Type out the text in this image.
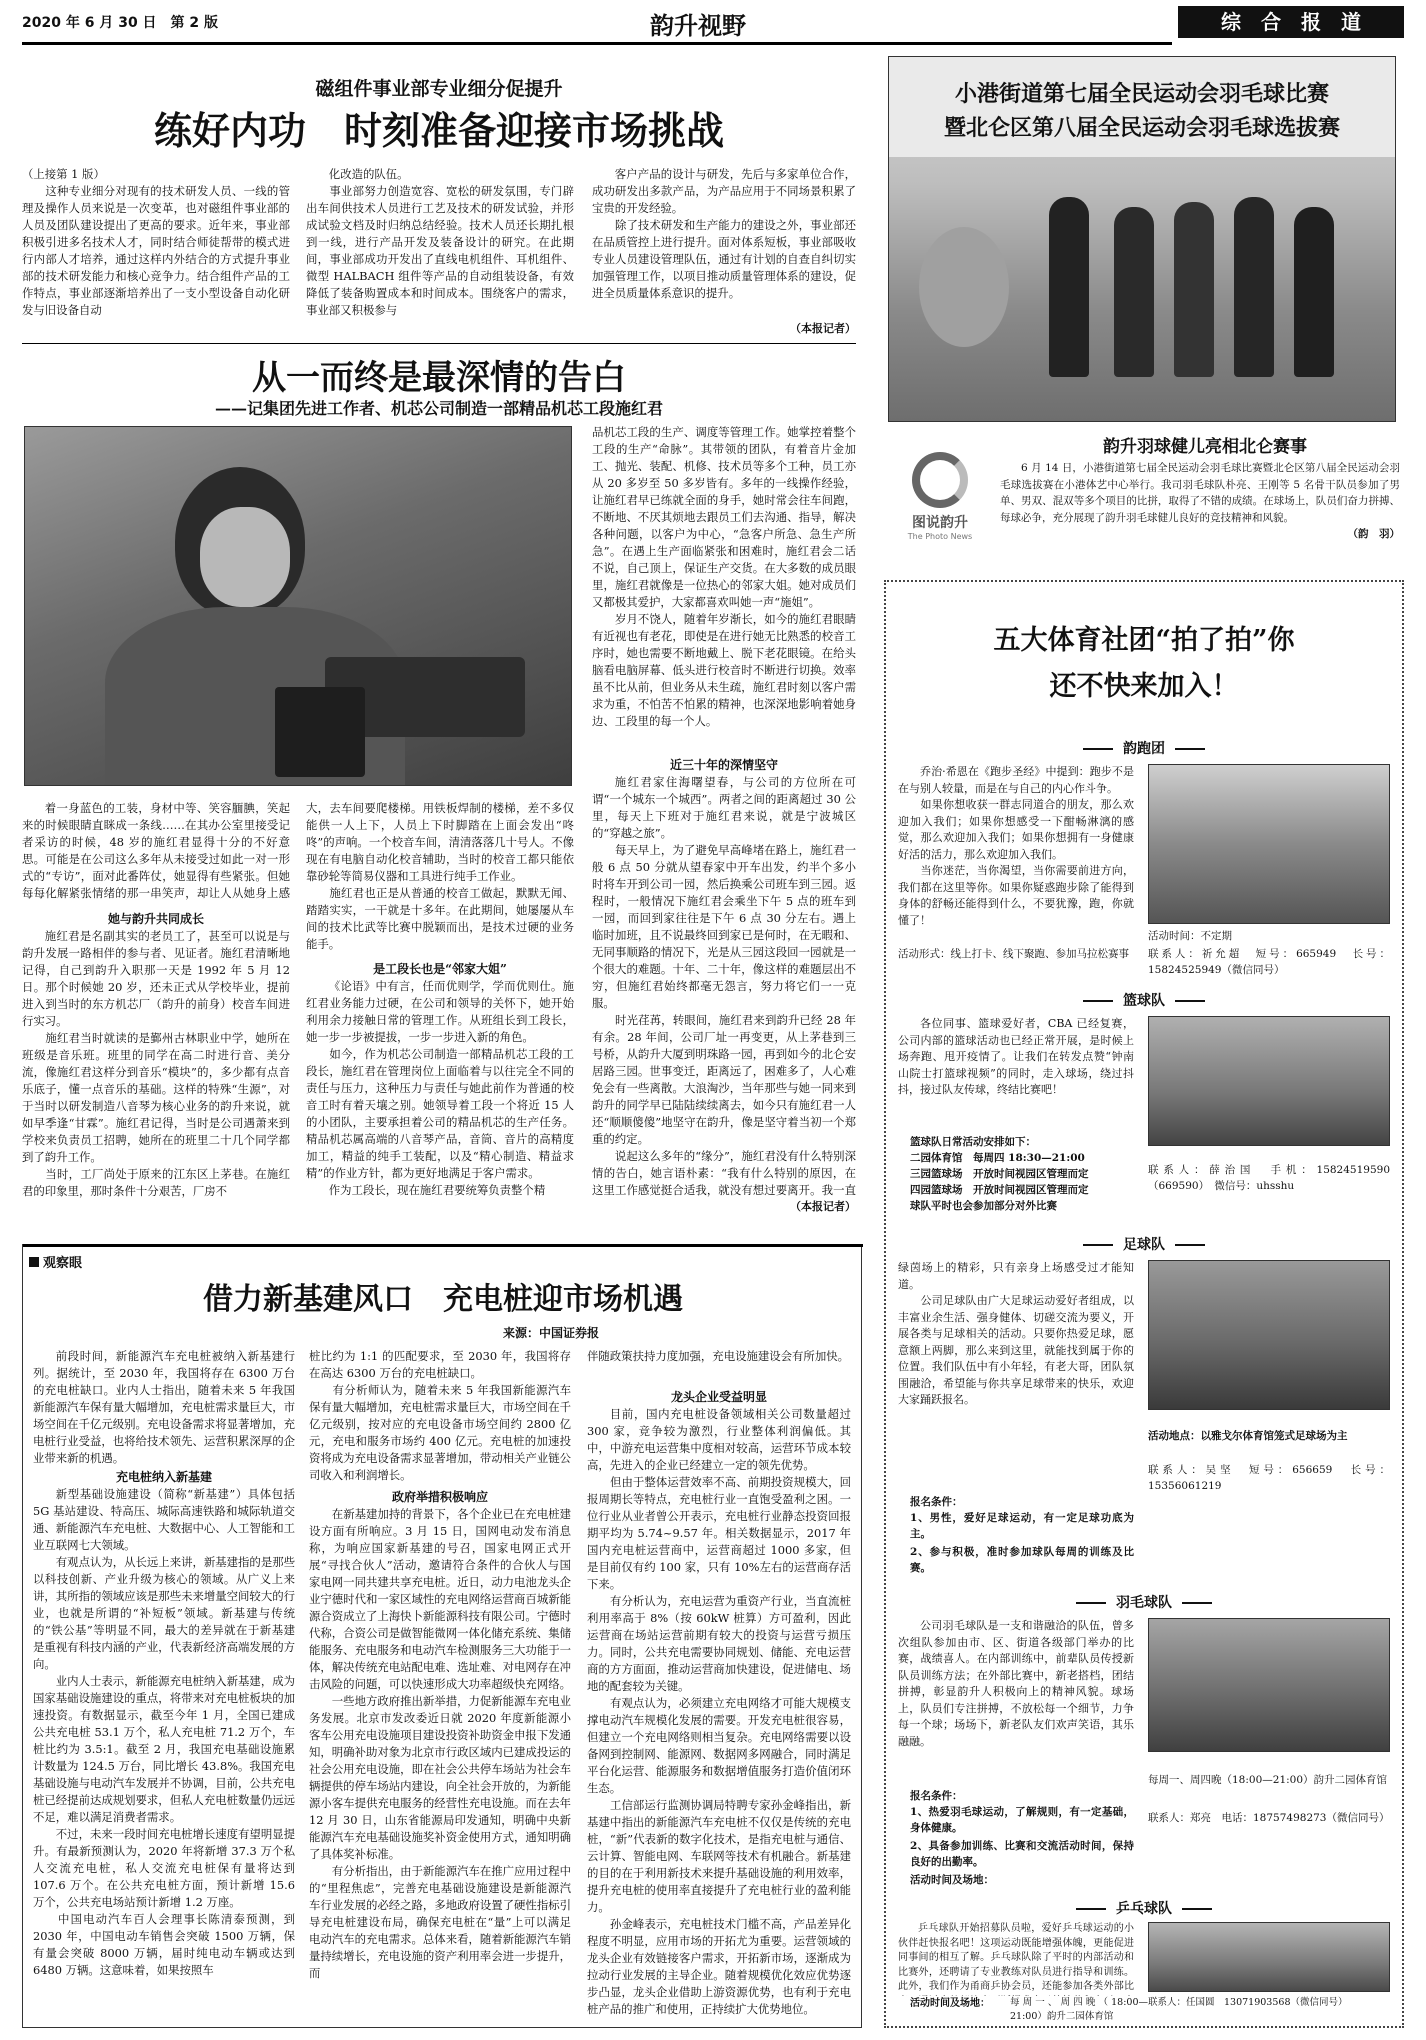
2020 年 6 月 30 日　第 2 版	韵升视野	综　合　报　道
磁组件事业部专业细分促提升
练好内功　时刻准备迎接市场挑战
（上接第 1 版）
　　这种专业细分对现有的技术研发人员、一线的管理及操作人员来说是一次变革，也对磁组件事业部的人员及团队建设提出了更高的要求。近年来，事业部积极引进多名技术人才，同时结合师徒帮带的模式进行内部人才培养，通过这样内外结合的方式提升事业部的技术研发能力和核心竞争力。结合组件产品的工作特点，事业部逐渐培养出了一支小型设备自动化研发与旧设备自动
化改造的队伍。
　　事业部努力创造宽容、宽松的研发氛围，专门辟出车间供技术人员进行工艺及技术的研发试验，并形成试验文档及时归纳总结经验。技术人员还长期扎根到一线，进行产品开发及装备设计的研究。在此期间，事业部成功开发出了直线电机组件、耳机组件、微型 HALBACH 组件等产品的自动组装设备，有效降低了装备购置成本和时间成本。围绕客户的需求，事业部又积极参与
客户产品的设计与研发，先后与多家单位合作，成功研发出多款产品，为产品应用于不同场景积累了宝贵的开发经验。
　　除了技术研发和生产能力的建设之外，事业部还在品质管控上进行提升。面对体系短板，事业部吸收专业人员建设管理队伍，通过有计划的自查自纠切实加强管理工作，以项目推动质量管理体系的建设，促进全员质量体系意识的提升。
（本报记者）
从一而终是最深情的告白
——记集团先进工作者、机芯公司制造一部精品机芯工段施红君
品机芯工段的生产、调度等管理工作。她掌控着整个工段的生产“命脉”。其带领的团队，有着音片金加工、抛光、装配、机修、技术员等多个工种，员工亦从 20 多岁至 50 多岁皆有。多年的一线操作经验，让施红君早已练就全面的身手，她时常会往车间跑，不断地、不厌其烦地去跟员工们去沟通、指导，解决各种问题，以客户为中心，“急客户所急、急生产所急”。在遇上生产面临紧张和困难时，施红君会二话不说，自己顶上，保证生产交货。在大多数的成员眼里，施红君就像是一位热心的邻家大姐。她对成员们又都极其爱护，大家都喜欢叫她一声“施姐”。
　　岁月不饶人，随着年岁渐长，如今的施红君眼睛有近视也有老花，即使是在进行她无比熟悉的校音工序时，她也需要不断地戴上、脱下老花眼镜。在给头脑看电脑屏幕、低头进行校音时不断进行切换。效率虽不比从前，但业务从未生疏，施红君时刻以客户需求为重，不怕苦不怕累的精神，也深深地影响着她身边、工段里的每一个人。
近三十年的深情坚守
施红君家住海曙望春，与公司的方位所在可谓“一个城东一个城西”。两者之间的距离超过 30 公里，每天上下班对于施红君来说，就是宁波城区的“穿越之旅”。
　　每天早上，为了避免早高峰堵在路上，施红君一般 6 点 50 分就从望春家中开车出发，约半个多小时将车开到公司一园，然后换乘公司班车到三园。返程时，一般情况下施红君会乘坐下午 5 点的班车到一园，而回到家往往是下午 6 点 30 分左右。遇上临时加班，且不说最终回到家已是何时，在无暇和、无同事顺路的情况下，光是从三园这段回一园就是一个很大的难题。十年、二十年，像这样的难题层出不穷，但施红君始终都毫无怨言，努力将它们一一克服。
　　时光荏苒，转眼间，施红君来到韵升已经 28 年有余。28 年间，公司厂址一再变更，从上茅巷到三号桥，从韵升大厦到明珠路一园，再到如今的北仑安居路三园。世事变迁，距离远了，困难多了，人心难免会有一些离散。大浪淘沙，当年那些与她一同来到韵升的同学早已陆陆续续离去，如今只有施红君一人还“顺顺傻傻”地坚守在韵升，像是坚守着当初一个郑重的约定。
　　说起这么多年的“缘分”，施红君没有什么特别深情的告白，她言语朴素：“我有什么特别的原因，在这里工作感觉挺合适我，就没有想过要离开。我一直
（本报记者）
着一身蓝色的工装，身材中等、笑容腼腆，笑起来的时候眼睛直眯成一条线……在其办公室里接受记者采访的时候，48 岁的施红君显得十分的不好意思。可能是在公司这么多年从未接受过如此一对一形式的“专访”，面对此番阵仗，她显得有些紧张。但她每每化解紧张情绪的那一串笑声，却让人从她身上感
她与韵升共同成长
施红君是名副其实的老员工了，甚至可以说是与韵升发展一路相伴的参与者、见证者。施红君清晰地记得，自己到韵升入职那一天是 1992 年 5 月 12 日。那个时候她 20 岁，还未正式从学校毕业，提前进入到当时的东方机芯厂（韵升的前身）校音车间进行实习。
　　施红君当时就读的是鄞州古林职业中学，她所在班级是音乐班。班里的同学在高二时进行音、美分流，像施红君这样分到音乐“模块”的，多少都有点音乐底子，懂一点音乐的基础。这样的特殊“生源”，对于当时以研发制造八音琴为核心业务的韵升来说，就如早季逢“甘霖”。施红君记得，当时是公司遇萧来到学校来负责员工招聘，她所在的班里二十几个同学都到了韵升工作。
　　当时，工厂尚处于原来的江东区上茅巷。在施红君的印象里，那时条件十分艰苦，厂房不
大，去车间要爬楼梯。用铁板焊制的楼梯，差不多仅能供一人上下，人员上下时脚踏在上面会发出“咚咚”的声响。一个校音车间，清清落落几十号人。不像现在有电脑自动化校音辅助，当时的校音工都只能依靠砂轮等简易仪器和工具进行纯手工作业。
　　施红君也正是从普通的校音工做起，默默无闻、踏踏实实，一干就是十多年。在此期间，她屡屡从车间的技术比武等比赛中脱颖而出，是技术过硬的业务能手。
是工段长也是“邻家大姐”
《论语》中有言，任而优则学，学而优则仕。施红君业务能力过硬，在公司和领导的关怀下，她开始利用余力接触日常的管理工作。从班组长到工段长，她一步一步被提拔，一步一步进入新的角色。
　　如今，作为机芯公司制造一部精品机芯工段的工段长，施红君在管理岗位上面临着与以往完全不同的责任与压力，这种压力与责任与她此前作为普通的校音工时有着天壤之别。她领导着工段一个将近 15 人的小团队，主要承担着公司的精品机芯的生产任务。精品机芯属高端的八音琴产品，音筒、音片的高精度加工，精益的纯手工装配，以及“精心制造、精益求精”的作业方针，都为更好地满足于客户需求。
　　作为工段长，现在施红君要统筹负责整个精
小港街道第七届全民运动会羽毛球比赛
暨北仑区第八届全民运动会羽毛球选拔赛
韵升羽球健儿亮相北仑赛事
图说韵升
The Photo News
6 月 14 日，小港街道第七届全民运动会羽毛球比赛暨北仑区第八届全民运动会羽毛球选拔赛在小港体艺中心举行。我司羽毛球队朴亮、王刚等 5 名骨干队员参加了男单、男双、混双等多个项目的比拼，取得了不错的成绩。在球场上，队员们奋力拼搏、每球必争，充分展现了韵升羽毛球健儿良好的竞技精神和风貌。
（韵　羽）
五大体育社团“拍了拍”你
还不快来加入！
韵跑团
乔治·希恩在《跑步圣经》中提到：跑步不是在与别人较量，而是在与自己的内心作斗争。
　　如果你想收获一群志同道合的朋友，那么欢迎加入我们；如果你想感受一下酣畅淋漓的感觉，那么欢迎加入我们；如果你想拥有一身健康好活的活力，那么欢迎加入我们。
　　当你迷茫，当你渴望，当你需要前进方向，我们都在这里等你。如果你疑惑跑步除了能得到身体的舒畅还能得到什么，不要犹豫，跑，你就懂了！
活动形式：线上打卡、线下聚跑、参加马拉松赛事
活动时间：不定期
联系人：祈允超　短号：665949　长号：15824525949（微信同号）
篮球队
各位同事、篮球爱好者，CBA 已经复赛，公司内部的篮球活动也已经正常开展，是时候上场奔跑、甩开疫情了。让我们在转发点赞“钟南山院士打篮球视频”的同时，走入球场，绕过抖抖，接过队友传球，终结比赛吧！
篮球队日常活动安排如下：
二园体育馆　每周四 18:30—21:00
三园篮球场　开放时间视园区管理而定
四园篮球场　开放时间视园区管理而定
球队平时也会参加部分对外比赛
联系人：薛治国　手机：15824519590（669590）　微信号：uhsshu
足球队
绿茵场上的精彩，只有亲身上场感受过才能知道。
　　公司足球队由广大足球运动爱好者组成，以丰富业余生活、强身健体、切磋交流为要义，开展各类与足球相关的活动。只要你热爱足球，愿意额上两脚，那么来到这里，就能找到属于你的位置。我们队伍中有小年轻，有老大哥，团队氛围融洽，希望能与你共享足球带来的快乐，欢迎大家踊跃报名。
报名条件：
1、男性，爱好足球运动，有一定足球功底为主。
2、参与积极，准时参加球队每周的训练及比赛。
活动地点：以雅戈尔体育馆笼式足球场为主
联系人：吴坚　短号：656659　长号：15356061219
羽毛球队
公司羽毛球队是一支和谐融洽的队伍，曾多次组队参加由市、区、街道各级部门举办的比赛，战绩喜人。在内部训练中，前辈队员传授新队员训练方法；在外部比赛中，新老搭档，团结拼搏，彰显韵升人积极向上的精神风貌。球场上，队员们专注拼搏，不放松每一个细节，力争每一个球；场场下，新老队友们欢声笑语，其乐融融。
报名条件：
1、热爱羽毛球运动，了解规则，有一定基础，身体健康。
2、具备参加训练、比赛和交流活动时间，保持良好的出勤率。
活动时间及场地：
每周一、周四晚（18:00—21:00）韵升二园体育馆
联系人：郑亮　电话：18757498273（微信同号）
乒乓球队
乒乓球队开始招募队员啦，爱好乒乓球运动的小伙伴赶快报名吧！这项运动既能增强体魄，更能促进同事间的相互了解。乒乓球队除了平时的内部活动和比赛外，还聘请了专业教练对队员进行指导和训练。此外，我们作为甬商乒协会员，还能参加各类外部比
活动时间及场地：	每周一、周四晚（18:00—21:00）韵升二园体育馆
联系人：任国圆　13071903568（微信同号）
观察眼
借力新基建风口　充电桩迎市场机遇
来源：中国证券报
前段时间，新能源汽车充电桩被纳入新基建行列。据统计，至 2030 年，我国将存在 6300 万台的充电桩缺口。业内人士指出，随着未来 5 年我国新能源汽车保有量大幅增加，充电桩需求量巨大，市场空间在千亿元级别。充电设备需求将显著增加，充电桩行业受益，也将给技术领先、运营积累深厚的企业带来新的机遇。
充电桩纳入新基建
新型基础设施建设（简称“新基建”）具体包括 5G 基站建设、特高压、城际高速铁路和城际轨道交通、新能源汽车充电桩、大数据中心、人工智能和工业互联网七大领域。
　　有观点认为，从长远上来讲，新基建指的是那些以科技创新、产业升级为核心的领域。从广义上来讲，其所指的领域应该是那些未来增量空间较大的行业，也就是所谓的“补短板”领域。新基建与传统的“铁公基”等明显不同，最大的差异就在于新基建是重视有科技内涵的产业，代表新经济高端发展的方向。
　　业内人士表示，新能源充电桩纳入新基建，成为国家基础设施建设的重点，将带来对充电桩板块的加速投资。有数据显示，截至今年 1 月，全国已建成公共充电桩 53.1 万个，私人充电桩 71.2 万个，车桩比约为 3.5:1。截至 2 月，我国充电基础设施累计数量为 124.5 万台，同比增长 43.8%。我国充电基础设施与电动汽车发展并不协调，目前，公共充电桩已经提前达成规划要求，但私人充电桩数量仍远远不足，难以满足消费者需求。
　　不过，未来一段时间充电桩增长速度有望明显提升。有最新预测认为，2020 年将新增 37.3 万个私人交流充电桩，私人交流充电桩保有量将达到 107.6 万个。在公共充电桩方面，预计新增 15.6 万个，公共充电场站预计新增 1.2 万座。
　　中国电动汽车百人会理事长陈清泰预测，到 2030 年，中国电动车销售会突破 1500 万辆，保有量会突破 8000 万辆，届时纯电动车辆或达到 6480 万辆。这意味着，如果按照车
桩比约为 1:1 的匹配要求，至 2030 年，我国将存在高达 6300 万台的充电桩缺口。
　　有分析师认为，随着未来 5 年我国新能源汽车保有量大幅增加，充电桩需求量巨大，市场空间在千亿元级别，按对应的充电设备市场空间约 2800 亿元，充电和服务市场约 400 亿元。充电桩的加速投资将成为充电设备需求显著增加，带动相关产业链公司收入和利润增长。
政府举措积极响应
在新基建加持的背景下，各个企业已在充电桩建设方面有所响应。3 月 15 日，国网电动发布消息称，为响应国家新基建的号召，国家电网正式开展“寻找合伙人”活动，邀请符合条件的合伙人与国家电网一同共建共享充电桩。近日，动力电池龙头企业宁德时代和一家区域性的充电网络运营商百城新能源合资成立了上海快卜新能源科技有限公司。宁德时代称，合资公司是做智能微网一体化储充系统、集储能服务、充电服务和电动汽车检测服务三大功能于一体，解决传统充电站配电难、选址难、对电网存在冲击风险的问题，可以快速形成大功率超级快充网络。
　　一些地方政府推出新举措，力促新能源车充电业务发展。北京市发改委近日就 2020 年度新能源小客车公用充电设施项目建设投资补助资金申报下发通知，明确补助对象为北京市行政区域内已建成投运的社会公用充电设施，即在社会公共停车场站为社会车辆提供的停车场站内建设，向全社会开放的，为新能源小客车提供充电服务的经营性充电设施。而在去年 12 月 30 日，山东省能源局印发通知，明确中央新能源汽车充电基础设施奖补资金使用方式，通知明确了具体奖补标准。
　　有分析指出，由于新能源汽车在推广应用过程中的“里程焦虑”，完善充电基础设施建设是新能源汽车行业发展的必经之路，多地政府设置了硬性指标引导充电桩建设布局，确保充电桩在“量”上可以满足电动汽车的充电需求。总体来看，随着新能源汽车销量持续增长，充电设施的资产利用率会进一步提升，而
伴随政策扶持力度加强，充电设施建设会有所加快。
龙头企业受益明显
目前，国内充电桩设备领域相关公司数量超过 300 家，竞争较为激烈，行业整体利润偏低。其中，中游充电运营集中度相对较高，运营环节成本较高，先进入的企业已经建立一定的领先优势。
　　但由于整体运营效率不高、前期投资规模大，回报周期长等特点，充电桩行业一直饱受盈利之困。一位行业从业者曾公开表示，充电桩行业静态投资回报期平均为 5.74~9.57 年。相关数据显示，2017 年国内充电桩运营商中，运营商超过 1000 多家，但是目前仅有约 100 家，只有 10%左右的运营商存活下来。
　　有分析认为，充电运营为重资产行业，当直流桩利用率高于 8%（按 60kW 桩算）方可盈利，因此运营商在场站运营前期有较大的投资与运营亏损压力。同时，公共充电需要协同规划、储能、充电运营商的方方面面，推动运营商加快建设，促进储电、场地的配套较为关键。
　　有观点认为，必须建立充电网络才可能大规模支撑电动汽车规模化发展的需要。开发充电桩很容易，但建立一个充电网络则相当复杂。充电网络需要以设备网到控制网、能源网、数据网多网融合，同时满足平台化运营、能源服务和数据增值服务打造价值闭环生态。
　　工信部运行监测协调局特聘专家孙金峰指出，新基建中指出的新能源汽车充电桩不仅仅是传统的充电桩，“新”代表新的数字化技术，是指充电桩与通信、云计算、智能电网、车联网等技术有机融合。新基建的目的在于利用新技术来提升基础设施的利用效率，提升充电桩的使用率直接提升了充电桩行业的盈利能力。
　　孙金峰表示，充电桩技术门槛不高，产品差异化程度不明显，应用市场的开拓尤为重要。运营领域的龙头企业有效链接客户需求，开拓新市场，逐渐成为拉动行业发展的主导企业。随着规模优化效应优势逐步凸显，龙头企业借助上游资源优势，也有利于充电桩产品的推广和使用，正持续扩大优势地位。
